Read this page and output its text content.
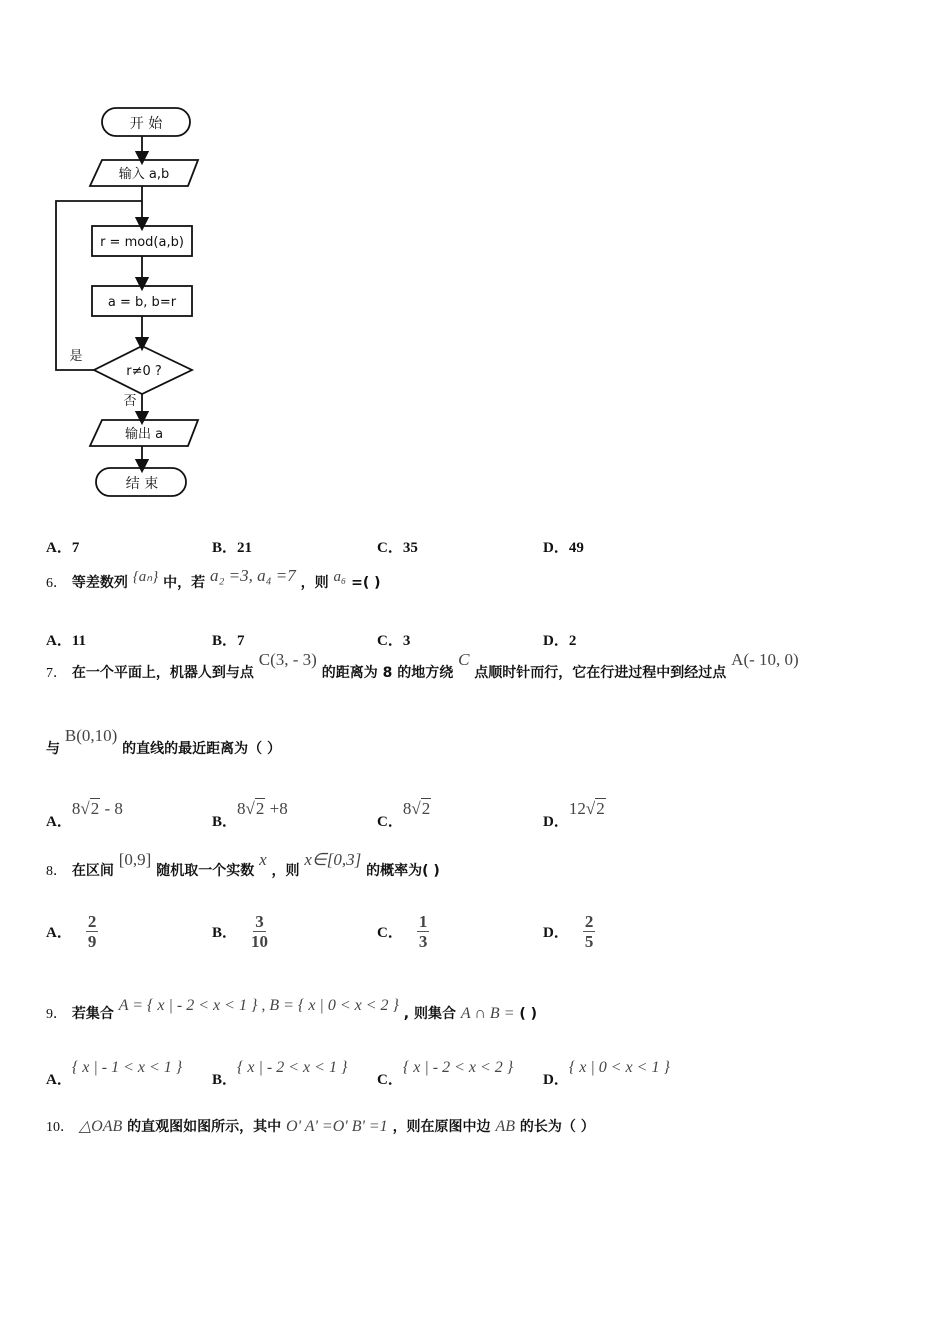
开 始
输入 a,b
r = mod(a,b)
a = b, b=r
r≠0 ?
是
否
输出 a
结 束
A．7	B．21	C．35	D．49
6． 等差数列 {aₙ} 中，若 a₂ =3, a₄ =7 ，则 a₆ =( )
A．11	B．7	C．3	D．2
7． 在一个平面上，机器人到与点 C(3, - 3) 的距离为 8 的地方绕 C 点顺时针而行，它在行进过程中到经过点 A(- 10, 0)
与 B(0,10) 的直线的最近距离为（ ）
A．8√2 - 8
B．8√2 +8
C．8√2
D．12√2
8． 在区间 [0,9] 随机取一个实数 x ，则 x∈[0,3] 的概率为( )
A． $\frac{2}{9}$	B． $\frac{3}{10}$	C． $\frac{1}{3}$	D． $\frac{2}{5}$
9． 若集合 A = { x | - 2 < x < 1 } , B = { x | 0 < x < 2 } , 则集合 A ∩ B = ( )
A．{ x | - 1 < x < 1 }
B．{ x | - 2 < x < 1 }
C．{ x | - 2 < x < 2 }
D．{ x | 0 < x < 1 }
10． △OAB 的直观图如图所示，其中 O' A' =O' B' =1 ，则在原图中边 AB 的长为（ ）
